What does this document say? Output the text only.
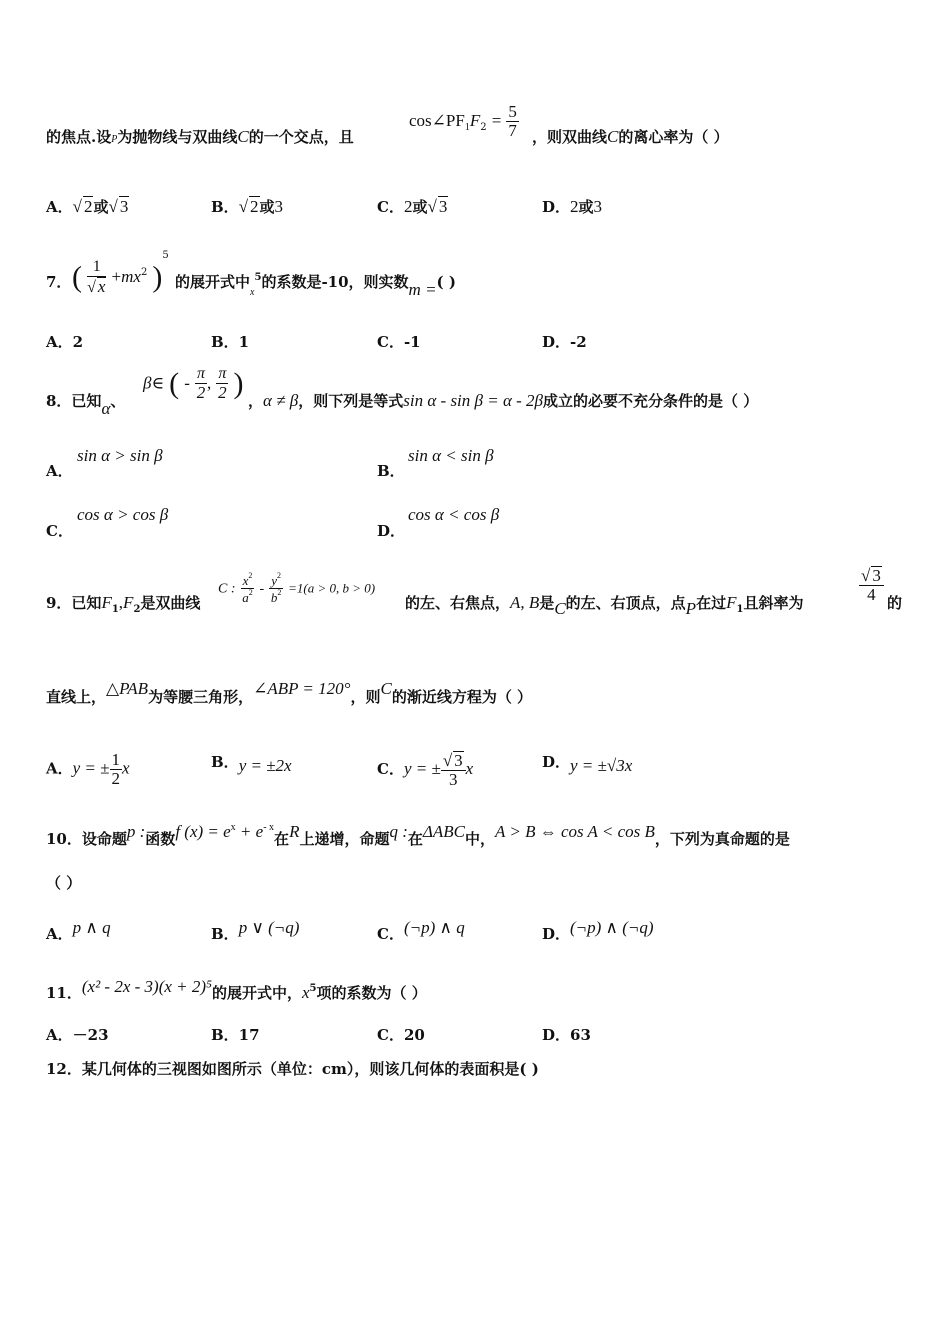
的焦点.设P为抛物线与双曲线C的一个交点，且
$\cos\angle PF_1F_2 = \frac{5}{7}$ ，则双曲线C的离心率为（ ）
A．√ 2或√ 3	B．√ 2或3	C．2或√ 3	D．2或3
7． ( $\frac{1}{√ x} +mx^2$ )$^5$
的展开式中$_x^5$的系数是-10，则实数m =( )
A．2	B．1	C．-1	D．-2
8．已知α、
β∈ ( - $\frac{\pi}{2}$ , $\frac{\pi}{2}$ )
，α ≠ β，则下列是等式sin α - sin β = α - 2β成立的必要不充分条件的是（ ）
A．
sin α > sin β
B．
sin α < sin β
C．
cos α > cos β
D．
cos α < cos β
9．已知$F_1,F_2$是双曲线
C : $\frac{x^2}{a^2} - \frac{y^2}{b^2} =1(a > 0$, b > 0)
的左、右焦点，A, B是C的左、右顶点，点P在过$F_1$且斜率为	$\frac{√ 3}{4}$ 的
直线上，△PAB为等腰三角形，∠ABP = 120°，则C的渐近线方程为（ ）
A．y = ± $\frac{1}{2}$ x	B．y = ±2x	C．y = ± $\frac{√ 3}{3}$ x	D．y = ±√3x
10．设命题p :函数f $(x) = e^x + e^{- x}$在R上递增，命题q :在ΔABC中，A > B ⇔ cos A < cos B，下列为真命题的是
（ ）
A．p ∧ q	B．p ∨ (¬q)	C．(¬p) ∧ q	D．(¬p) ∧ (¬q)
11．(x² - 2x - 3)(x + 2)⁵的展开式中，$x^5$项的系数为（ ）
A．－23	B．17	C．20	D．63
12．某几何体的三视图如图所示（单位：cm），则该几何体的表面积是( )
